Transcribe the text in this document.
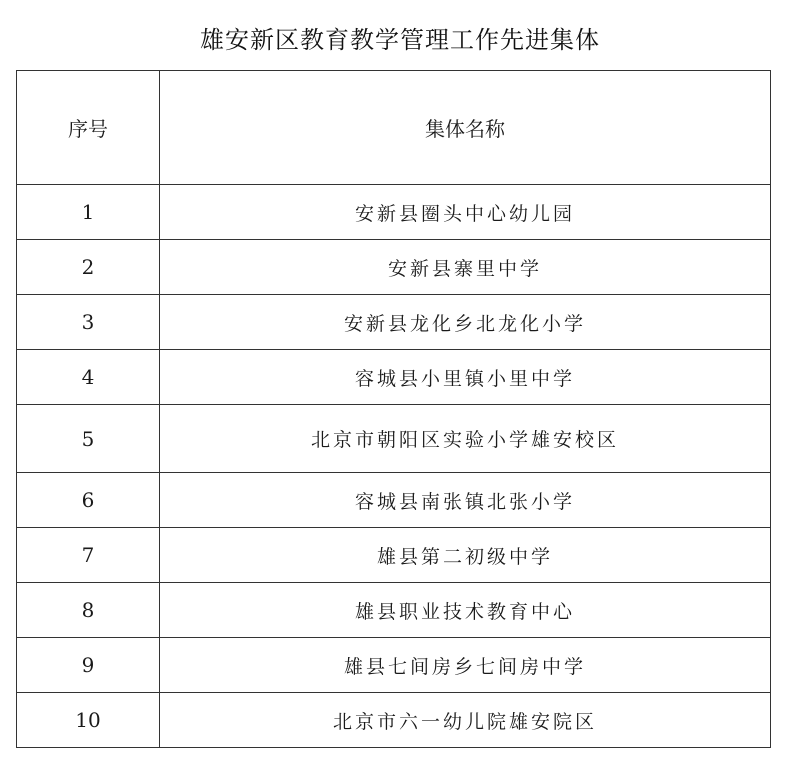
雄安新区教育教学管理工作先进集体
序号	集体名称
1	安新县圈头中心幼儿园
2	安新县寨里中学
3	安新县龙化乡北龙化小学
4	容城县小里镇小里中学
5	北京市朝阳区实验小学雄安校区
6	容城县南张镇北张小学
7	雄县第二初级中学
8	雄县职业技术教育中心
9	雄县七间房乡七间房中学
10	北京市六一幼儿院雄安院区
